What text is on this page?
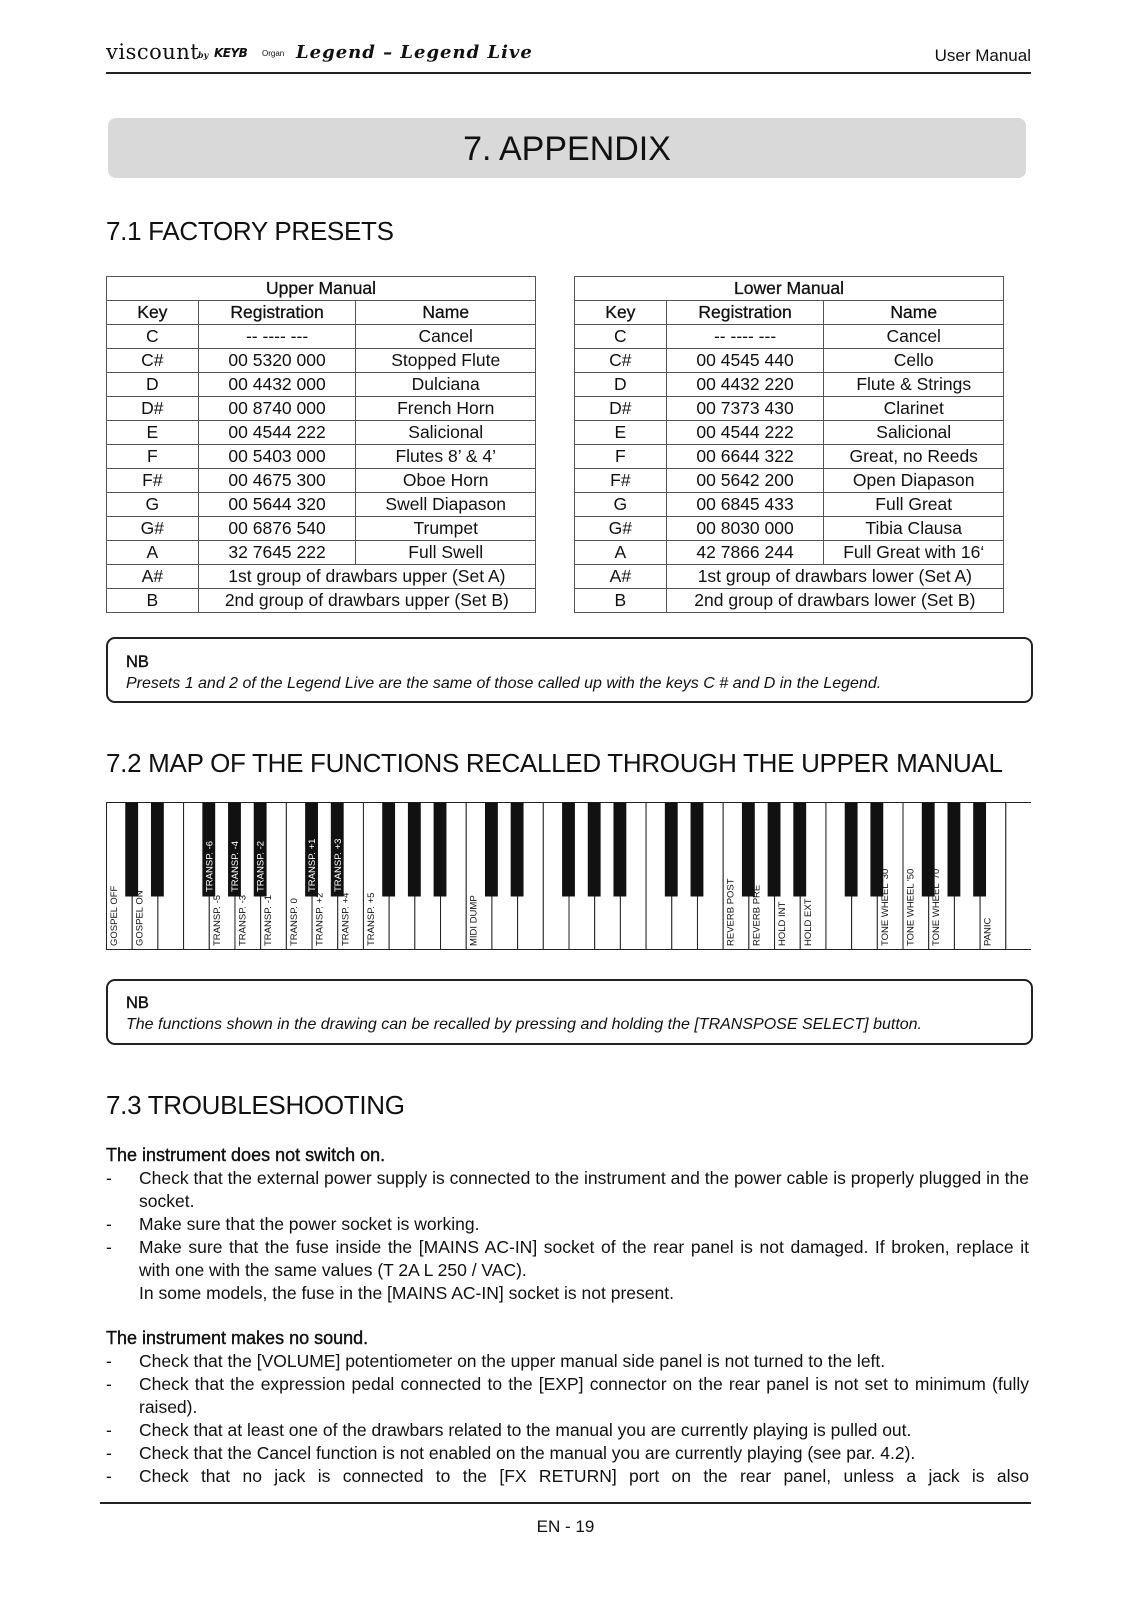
viscount
by KEYB Organ Legend – Legend Live	User Manual
7. APPENDIX
7.1 FACTORY PRESETS
Upper Manual		
Key	Registration	Name
C	-- ---- ---	Cancel
C#	00 5320 000	Stopped Flute
D	00 4432 000	Dulciana
D#	00 8740 000	French Horn
E	00 4544 222	Salicional
F	00 5403 000	Flutes 8’ & 4’
F#	00 4675 300	Oboe Horn
G	00 5644 320	Swell Diapason
G#	00 6876 540	Trumpet
A	32 7645 222	Full Swell
A#	1st group of drawbars upper (Set A)	
B	2nd group of drawbars upper (Set B)	
Lower Manual		
Key	Registration	Name
C	-- ---- ---	Cancel
C#	00 4545 440	Cello
D	00 4432 220	Flute & Strings
D#	00 7373 430	Clarinet
E	00 4544 222	Salicional
F	00 6644 322	Great, no Reeds
F#	00 5642 200	Open Diapason
G	00 6845 433	Full Great
G#	00 8030 000	Tibia Clausa
A	42 7866 244	Full Great with 16‘
A#	1st group of drawbars lower (Set A)	
B	2nd group of drawbars lower (Set B)	
NB
Presets 1 and 2 of the Legend Live are the same of those called up with the keys C # and D in the Legend.
7.2 MAP OF THE FUNCTIONS RECALLED THROUGH THE UPPER MANUAL
GOSPEL OFF GOSPEL ON	TRANSP. -5 TRANSP. -3 TRANSP. -1 TRANSP. 0 TRANSP. +2 TRANSP. +4 TRANSP. +5	MIDI DUMP	REVERB POST REVERB PRE HOLD INT HOLD EXT	TONE WHEEL '30 TONE WHEEL '50 TONE WHEEL '70	PANIC
TRANSP. -6 TRANSP. -4 TRANSP. -2	TRANSP. +1 TRANSP. +3
NB
The functions shown in the drawing can be recalled by pressing and holding the [TRANSPOSE SELECT] button.
7.3 TROUBLESHOOTING
The instrument does not switch on.
- Check that the external power supply is connected to the instrument and the power cable is properly plugged in the socket.
- Make sure that the power socket is working.
- Make sure that the fuse inside the [MAINS AC-IN] socket of the rear panel is not damaged. If broken, replace it with one with the same values (T 2A L 250 / VAC).
In some models, the fuse in the [MAINS AC-IN] socket is not present.
The instrument makes no sound.
- Check that the [VOLUME] potentiometer on the upper manual side panel is not turned to the left.
- Check that the expression pedal connected to the [EXP] connector on the rear panel is not set to minimum (fully raised).
- Check that at least one of the drawbars related to the manual you are currently playing is pulled out.
- Check that the Cancel function is not enabled on the manual you are currently playing (see par. 4.2).
- Check that no jack is connected to the [FX RETURN] port on the rear panel, unless a jack is also
EN - 19
